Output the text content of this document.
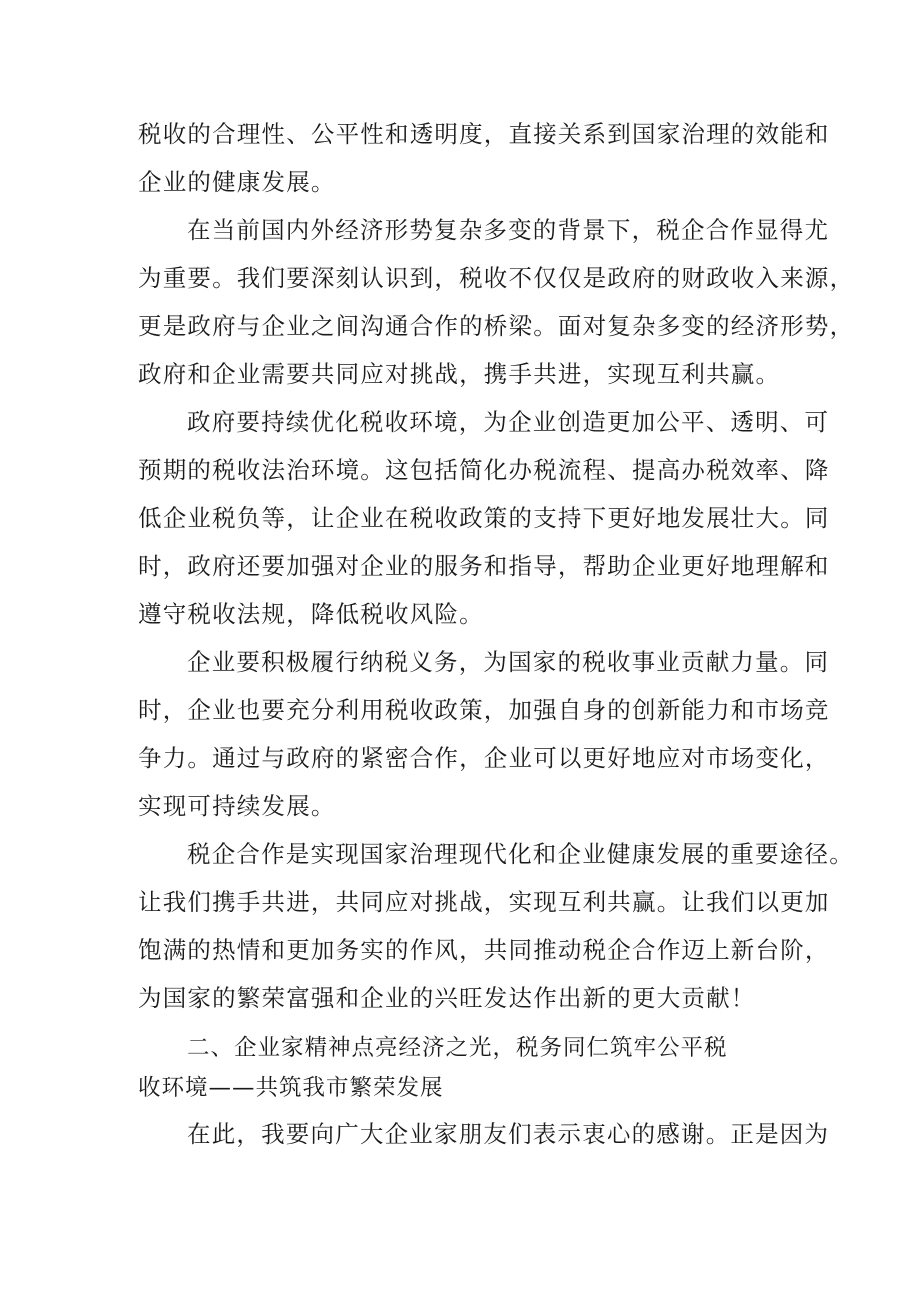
税收的合理性、公平性和透明度，直接关系到国家治理的效能和
企业的健康发展。
在当前国内外经济形势复杂多变的背景下，税企合作显得尤
为重要。我们要深刻认识到，税收不仅仅是政府的财政收入来源，
更是政府与企业之间沟通合作的桥梁。面对复杂多变的经济形势，
政府和企业需要共同应对挑战，携手共进，实现互利共赢。
政府要持续优化税收环境，为企业创造更加公平、透明、可
预期的税收法治环境。这包括简化办税流程、提高办税效率、降
低企业税负等，让企业在税收政策的支持下更好地发展壮大。同
时，政府还要加强对企业的服务和指导，帮助企业更好地理解和
遵守税收法规，降低税收风险。
企业要积极履行纳税义务，为国家的税收事业贡献力量。同
时，企业也要充分利用税收政策，加强自身的创新能力和市场竞
争力。通过与政府的紧密合作，企业可以更好地应对市场变化，
实现可持续发展。
税企合作是实现国家治理现代化和企业健康发展的重要途径。
让我们携手共进，共同应对挑战，实现互利共赢。让我们以更加
饱满的热情和更加务实的作风，共同推动税企合作迈上新台阶，
为国家的繁荣富强和企业的兴旺发达作出新的更大贡献！
二、企业家精神点亮经济之光，税务同仁筑牢公平税
收环境——共筑我市繁荣发展
在此，我要向广大企业家朋友们表示衷心的感谢。正是因为
